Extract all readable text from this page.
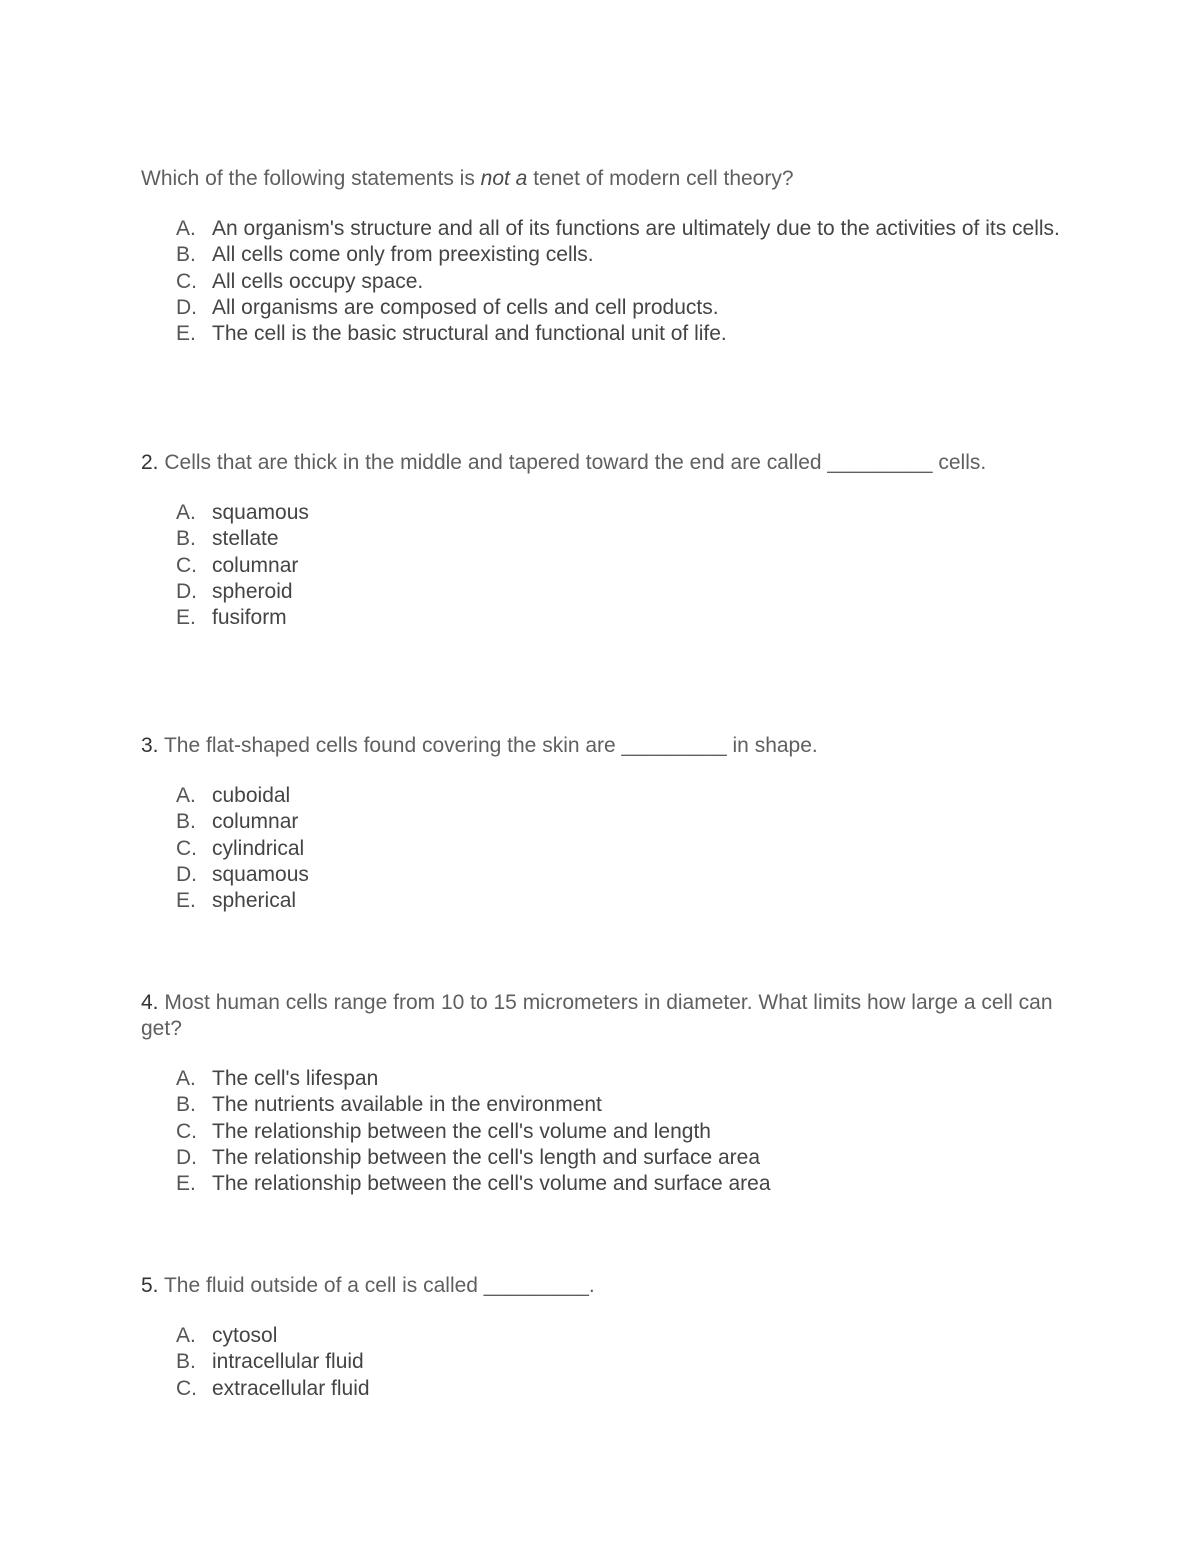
Which of the following statements is not a tenet of modern cell theory?

A. An organism's structure and all of its functions are ultimately due to the activities of its cells.
B. All cells come only from preexisting cells.
C. All cells occupy space.
D. All organisms are composed of cells and cell products.
E. The cell is the basic structural and functional unit of life.

2. Cells that are thick in the middle and tapered toward the end are called _________ cells.

A. squamous
B. stellate
C. columnar
D. spheroid
E. fusiform

3. The flat-shaped cells found covering the skin are _________ in shape.

A. cuboidal
B. columnar
C. cylindrical
D. squamous
E. spherical

4. Most human cells range from 10 to 15 micrometers in diameter. What limits how large a cell can get?

A. The cell's lifespan
B. The nutrients available in the environment
C. The relationship between the cell's volume and length
D. The relationship between the cell's length and surface area
E. The relationship between the cell's volume and surface area

5. The fluid outside of a cell is called _________.

A. cytosol
B. intracellular fluid
C. extracellular fluid
